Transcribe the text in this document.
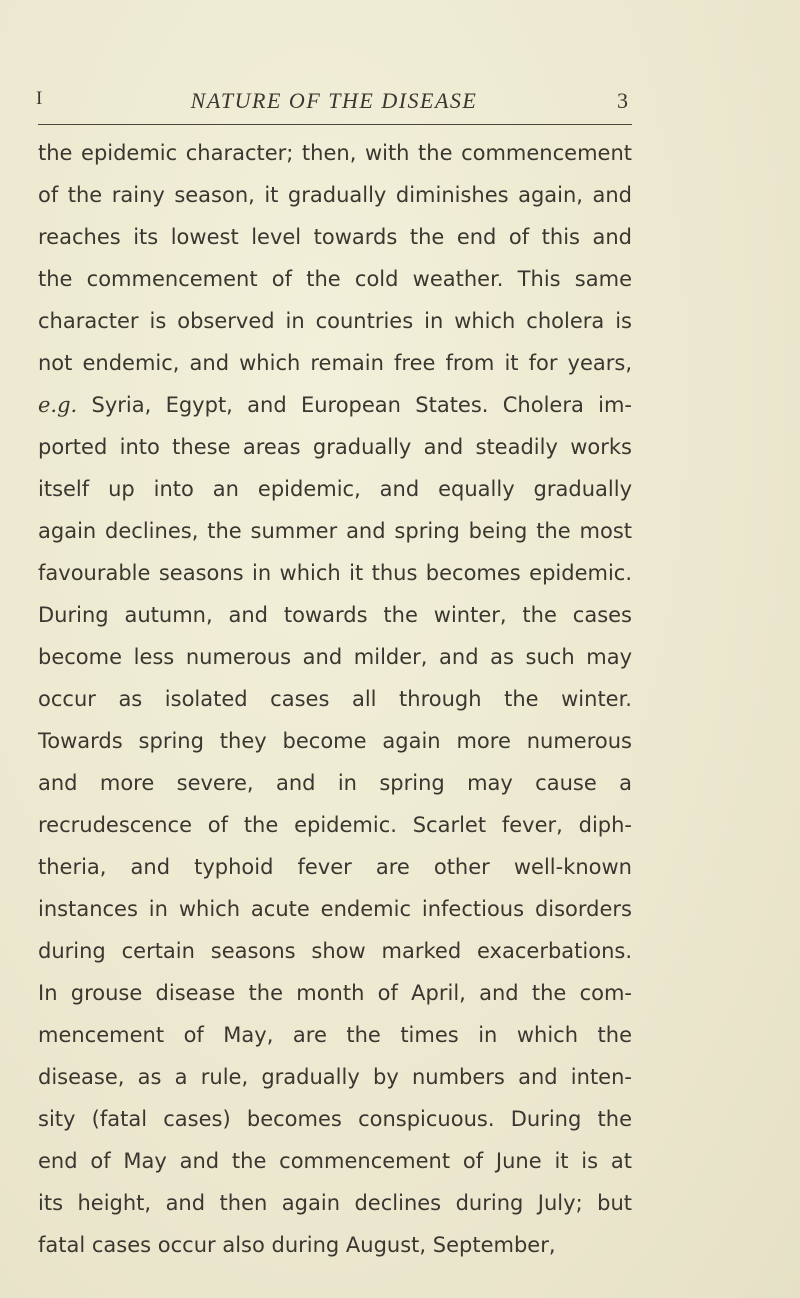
I	NATURE OF THE DISEASE	3
the epidemic character; then, with the commencement
of the rainy season, it gradually diminishes again, and
reaches its lowest level towards the end of this and
the commencement of the cold weather. This same
character is observed in countries in which cholera is
not endemic, and which remain free from it for years,
e.g. Syria, Egypt, and European States. Cholera im-
ported into these areas gradually and steadily works
itself up into an epidemic, and equally gradually
again declines, the summer and spring being the most
favourable seasons in which it thus becomes epidemic.
During autumn, and towards the winter, the cases
become less numerous and milder, and as such may
occur as isolated cases all through the winter.
Towards spring they become again more numerous
and more severe, and in spring may cause a
recrudescence of the epidemic. Scarlet fever, diph-
theria, and typhoid fever are other well-known
instances in which acute endemic infectious disorders
during certain seasons show marked exacerbations.
In grouse disease the month of April, and the com-
mencement of May, are the times in which the
disease, as a rule, gradually by numbers and inten-
sity (fatal cases) becomes conspicuous. During the
end of May and the commencement of June it is at
its height, and then again declines during July; but
fatal cases occur also during August, September,
